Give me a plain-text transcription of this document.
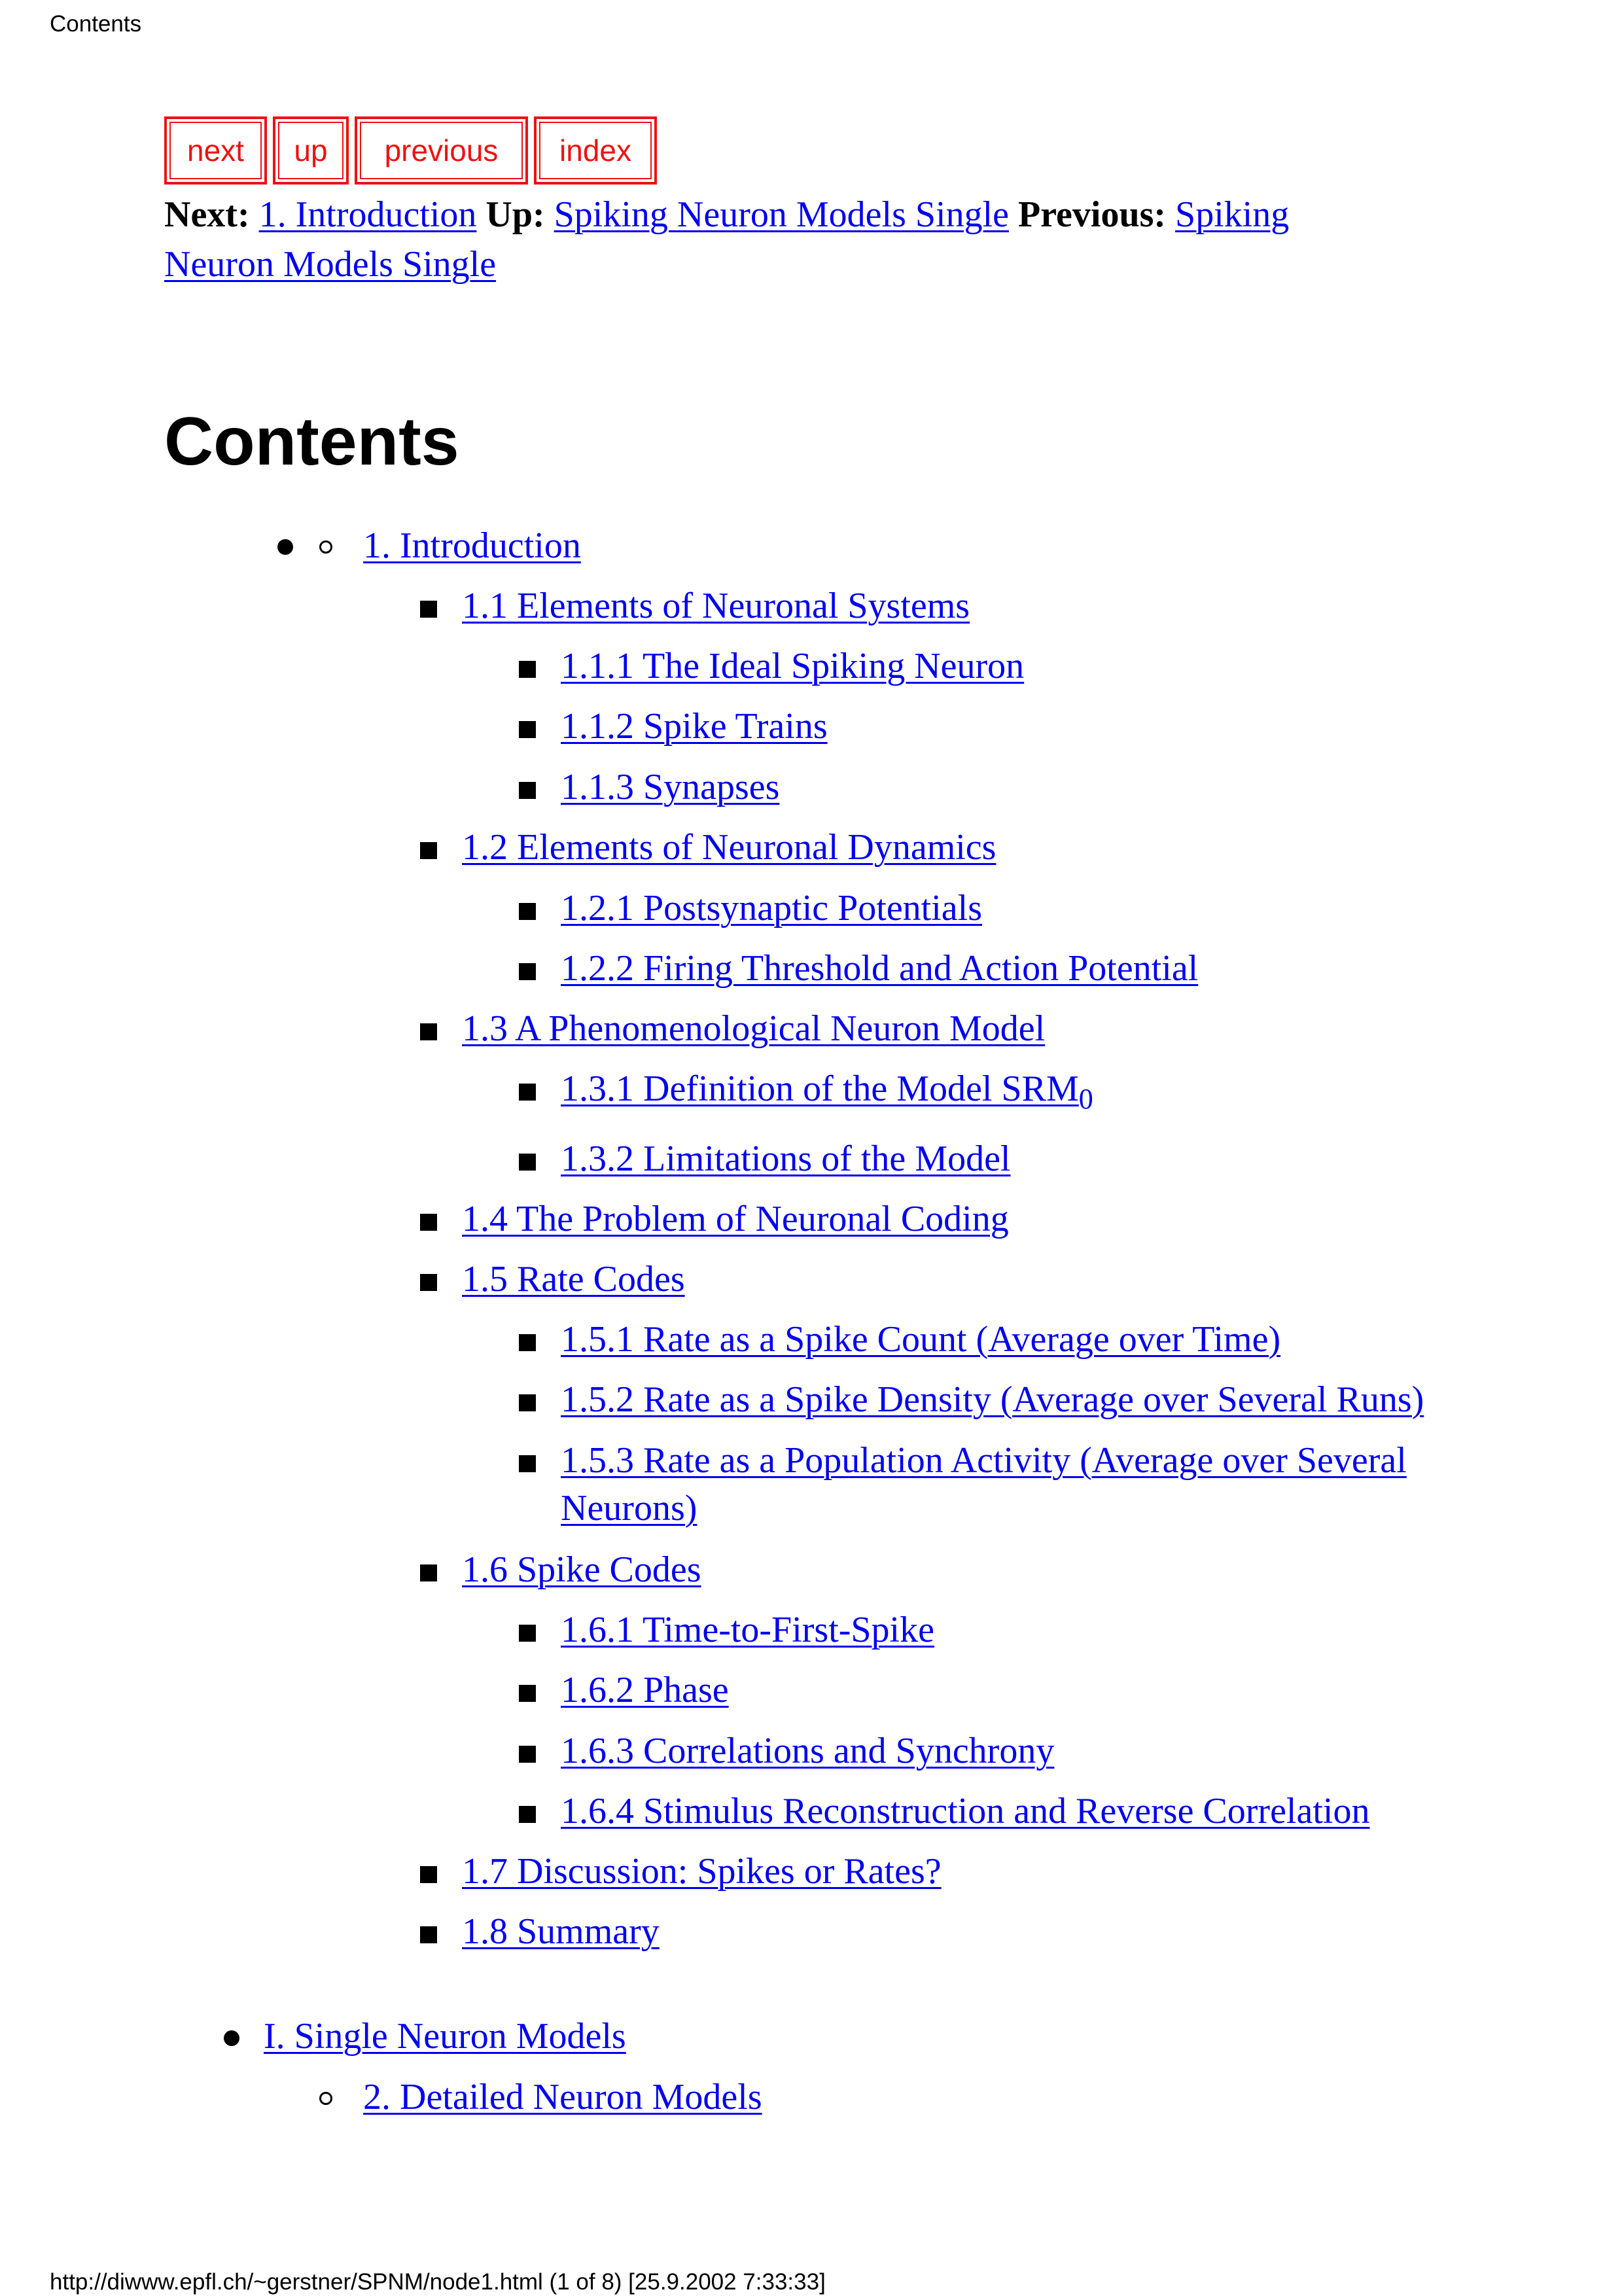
Contents
next	up	previous	index
Next: 1. Introduction Up: Spiking Neuron Models Single Previous: Spiking
Neuron Models Single
Contents
1. Introduction
1.1 Elements of Neuronal Systems
1.1.1 The Ideal Spiking Neuron
1.1.2 Spike Trains
1.1.3 Synapses
1.2 Elements of Neuronal Dynamics
1.2.1 Postsynaptic Potentials
1.2.2 Firing Threshold and Action Potential
1.3 A Phenomenological Neuron Model
1.3.1 Definition of the Model $SRM_0$
1.3.2 Limitations of the Model
1.4 The Problem of Neuronal Coding
1.5 Rate Codes
1.5.1 Rate as a Spike Count (Average over Time)
1.5.2 Rate as a Spike Density (Average over Several Runs)
1.5.3 Rate as a Population Activity (Average over Several
Neurons)
1.6 Spike Codes
1.6.1 Time-to-First-Spike
1.6.2 Phase
1.6.3 Correlations and Synchrony
1.6.4 Stimulus Reconstruction and Reverse Correlation
1.7 Discussion: Spikes or Rates?
1.8 Summary
I. Single Neuron Models
2. Detailed Neuron Models
http://diwww.epfl.ch/~gerstner/SPNM/node1.html (1 of 8) [25.9.2002 7:33:33]
